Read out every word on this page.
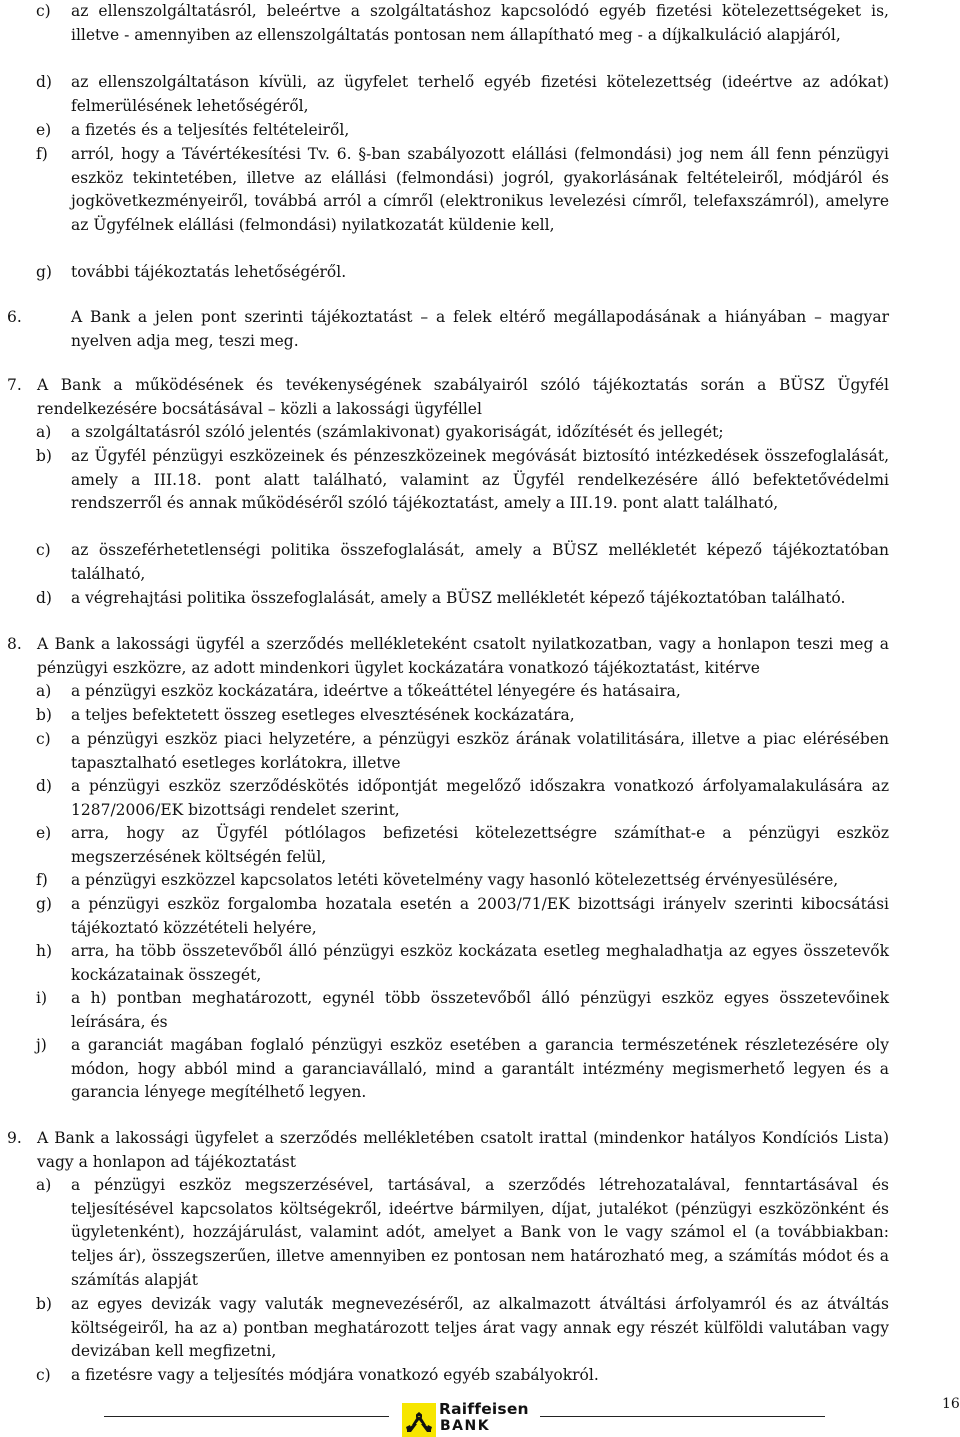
c) az ellenszolgáltatásról, beleértve a szolgáltatáshoz kapcsolódó egyéb fizetési kötelezettségeket is, illetve - amennyiben az ellenszolgáltatás pontosan nem állapítható meg - a díjkalkuláció alapjáról,
d) az ellenszolgáltatáson kívüli, az ügyfelet terhelő egyéb fizetési kötelezettség (ideértve az adókat) felmerülésének lehetőségéről,
e) a fizetés és a teljesítés feltételeiről,
f) arról, hogy a Távértékesítési Tv. 6. §-ban szabályozott elállási (felmondási) jog nem áll fenn pénzügyi eszköz tekintetében, illetve az elállási (felmondási) jogról, gyakorlásának feltételeiről, módjáról és jogkövetkezményeiről, továbbá arról a címről (elektronikus levelezési címről, telefaxszámról), amelyre az Ügyfélnek elállási (felmondási) nyilatkozatát küldenie kell,
g) további tájékoztatás lehetőségéről.
6.	A Bank a jelen pont szerinti tájékoztatást – a felek eltérő megállapodásának a hiányában – magyar nyelven adja meg, teszi meg.
7. A Bank a működésének és tevékenységének szabályairól szóló tájékoztatás során a BÜSZ Ügyfél rendelkezésére bocsátásával – közli a lakossági ügyféllel
a) a szolgáltatásról szóló jelentés (számlakivonat) gyakoriságát, időzítését és jellegét;
b) az Ügyfél pénzügyi eszközeinek és pénzeszközeinek megóvását biztosító intézkedések összefoglalását, amely a III.18. pont alatt található, valamint az Ügyfél rendelkezésére álló befektetővédelmi rendszerről és annak működéséről szóló tájékoztatást, amely a III.19. pont alatt található,
c) az összeférhetetlenségi politika összefoglalását, amely a BÜSZ mellékletét képező tájékoztatóban található,
d) a végrehajtási politika összefoglalását, amely a BÜSZ mellékletét képező tájékoztatóban található.
8. A Bank a lakossági ügyfél a szerződés mellékleteként csatolt nyilatkozatban, vagy a honlapon teszi meg a pénzügyi eszközre, az adott mindenkori ügylet kockázatára vonatkozó tájékoztatást, kitérve
a) a pénzügyi eszköz kockázatára, ideértve a tőkeáttétel lényegére és hatásaira,
b) a teljes befektetett összeg esetleges elvesztésének kockázatára,
c) a pénzügyi eszköz piaci helyzetére, a pénzügyi eszköz árának volatilitására, illetve a piac elérésében tapasztalható esetleges korlátokra, illetve
d) a pénzügyi eszköz szerződéskötés időpontját megelőző időszakra vonatkozó árfolyamalakulására az 1287/2006/EK bizottsági rendelet szerint,
e) arra, hogy az Ügyfél pótlólagos befizetési kötelezettségre számíthat-e a pénzügyi eszköz megszerzésének költségén felül,
f) a pénzügyi eszközzel kapcsolatos letéti követelmény vagy hasonló kötelezettség érvényesülésére,
g) a pénzügyi eszköz forgalomba hozatala esetén a 2003/71/EK bizottsági irányelv szerinti kibocsátási tájékoztató közzétételi helyére,
h) arra, ha több összetevőből álló pénzügyi eszköz kockázata esetleg meghaladhatja az egyes összetevők kockázatainak összegét,
i) a h) pontban meghatározott, egynél több összetevőből álló pénzügyi eszköz egyes összetevőinek leírására, és
j) a garanciát magában foglaló pénzügyi eszköz esetében a garancia természetének részletezésére oly módon, hogy abból mind a garanciavállaló, mind a garantált intézmény megismerhető legyen és a garancia lényege megítélhető legyen.
9. A Bank a lakossági ügyfelet a szerződés mellékletében csatolt irattal (mindenkor hatályos Kondíciós Lista) vagy a honlapon ad tájékoztatást
a) a pénzügyi eszköz megszerzésével, tartásával, a szerződés létrehozatalával, fenntartásával és teljesítésével kapcsolatos költségekről, ideértve bármilyen, díjat, jutalékot (pénzügyi eszközönként és ügyletenként), hozzájárulást, valamint adót, amelyet a Bank von le vagy számol el (a továbbiakban: teljes ár), összegszerűen, illetve amennyiben ez pontosan nem határozható meg, a számítás módot és a számítás alapját
b) az egyes devizák vagy valuták megnevezéséről, az alkalmazott átváltási árfolyamról és az átváltás költségeiről, ha az a) pontban meghatározott teljes árat vagy annak egy részét külföldi valutában vagy devizában kell megfizetni,
c) a fizetésre vagy a teljesítés módjára vonatkozó egyéb szabályokról.
Raiffeisen
BANK
16
